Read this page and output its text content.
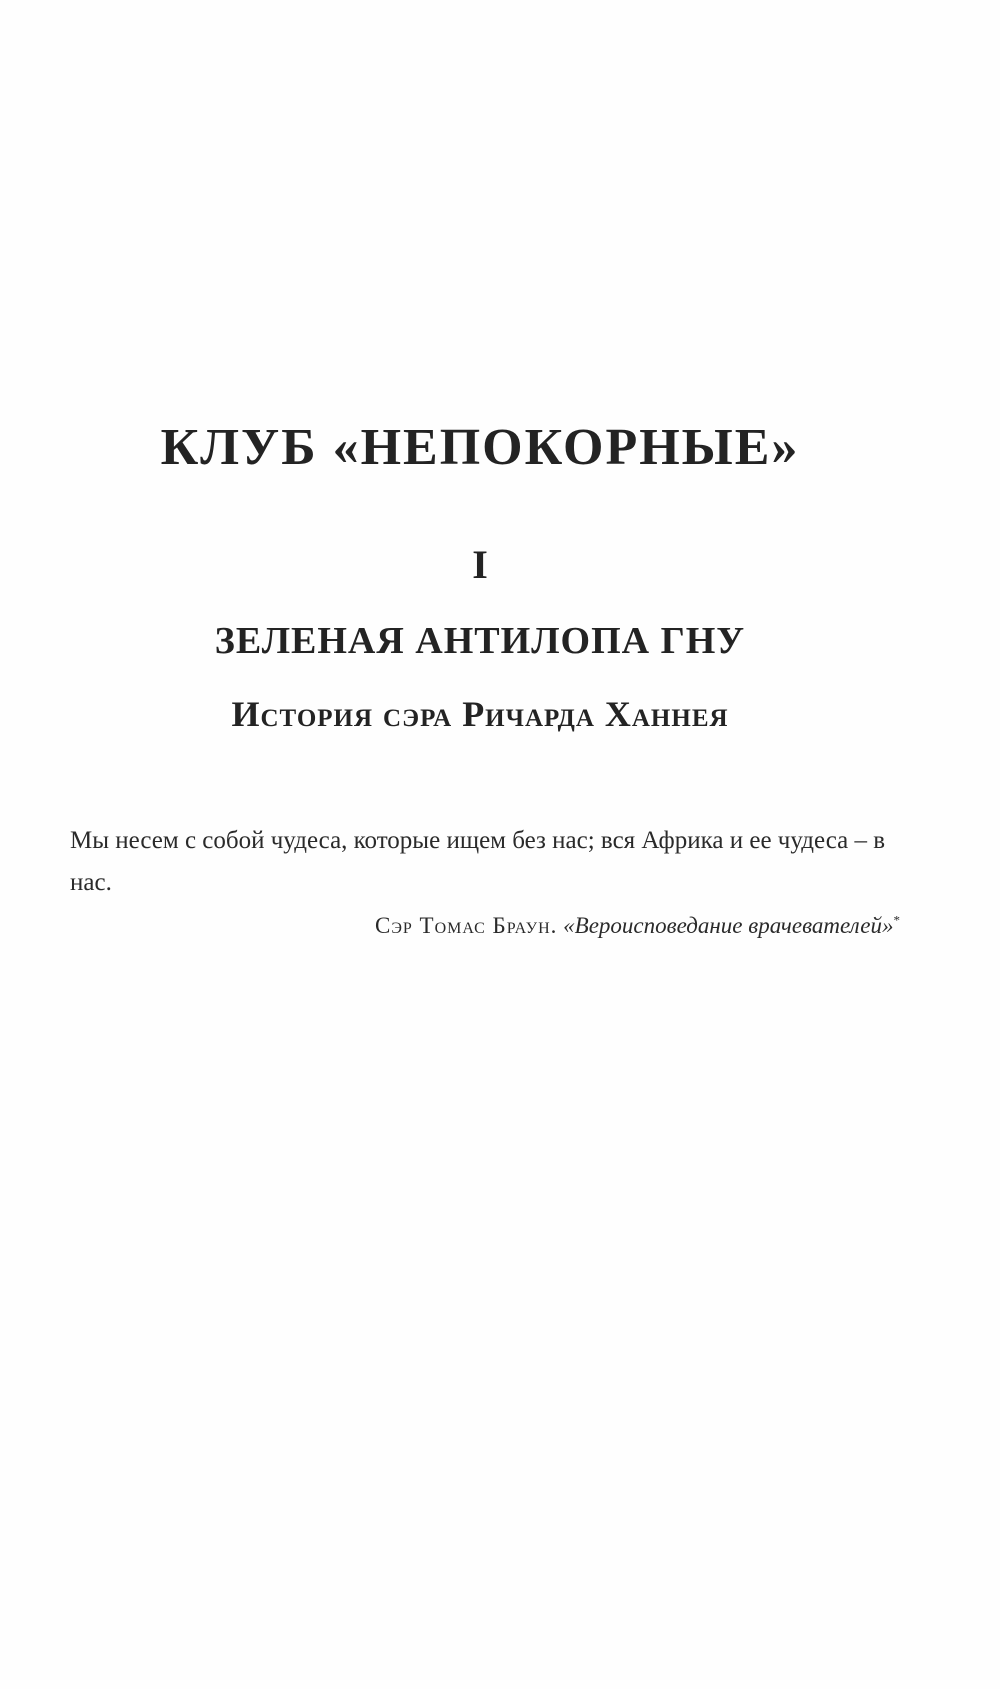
КЛУБ «НЕПОКОРНЫЕ»
I
ЗЕЛЕНАЯ АНТИЛОПА ГНУ
История сэра Ричарда Ханнея

Мы несем с собой чудеса, которые ищем без нас; вся Африка и ее чудеса – в нас.

Сэр Томас Браун. «Вероисповедание врачевателей»*
